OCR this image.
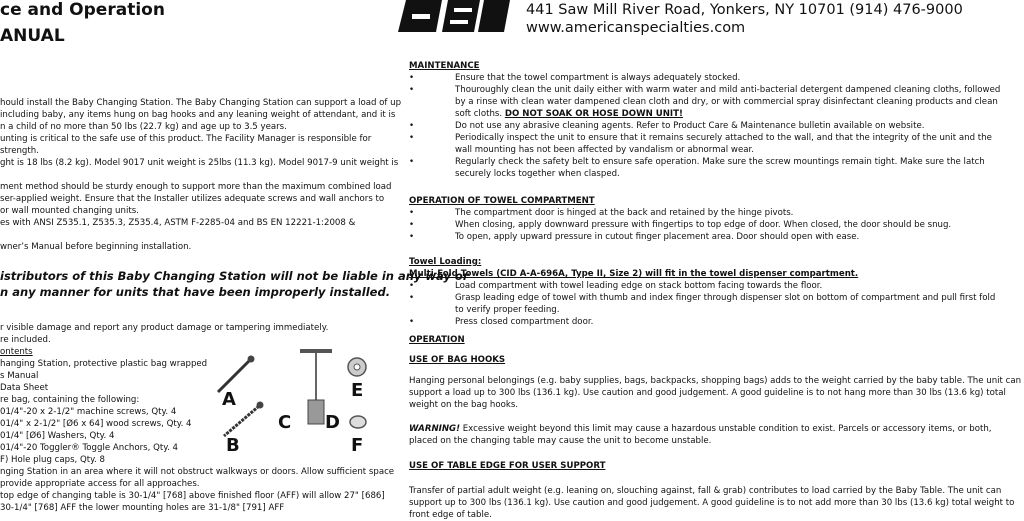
ce and Operation
ANUAL
hould install the Baby Changing Station. The Baby Changing Station can support a load of up
including baby, any items hung on bag hooks and any leaning weight of attendant, and it is
n a child of no more than 50 lbs (22.7 kg) and age up to 3.5 years.
unting is critical to the safe use of this product. The Facility Manager is responsible for
strength.
ght is 18 lbs (8.2 kg). Model 9017 unit weight is 25lbs (11.3 kg). Model 9017-9 unit weight is
ment method should be sturdy enough to support more than the maximum combined load
ser-applied weight. Ensure that the Installer utilizes adequate screws and wall anchors to
or wall mounted changing units.
es with ANSI Z535.1, Z535.3, Z535.4, ASTM F-2285-04 and BS EN 12221-1:2008 &
wner’s Manual before beginning installation.
istributors of this Baby Changing Station will not be liable in any way or
n any manner for units that have been improperly installed.
r visible damage and report any product damage or tampering immediately.
re included.
ontents
hanging Station, protective plastic bag wrapped
s Manual
Data Sheet
re bag, containing the following:
01/4"-20 x 2-1/2" machine screws, Qty. 4
01/4" x 2-1/2" [Ø6 x 64] wood screws, Qty. 4
01/4" [Ø6] Washers, Qty. 4
01/4"-20 Toggler® Toggle Anchors, Qty. 4
F) Hole plug caps, Qty. 8
nging Station in an area where it will not obstruct walkways or doors. Allow sufficient space
provide appropriate access for all approaches.
top edge of changing table is 30-1/4" [768] above finished floor (AFF) will allow 27" [686]
30-1/4" [768] AFF the lower mounting holes are 31-1/8" [791] AFF
A
B
C D
E
F
441 Saw Mill River Road, Yonkers, NY 10701 (914) 476-9000
www.americanspecialties.com
MAINTENANCE
•	Ensure that the towel compartment is always adequately stocked.
•	Thouroughly clean the unit daily either with warm water and mild anti-bacterial detergent dampened cleaning cloths, followed
by a rinse with clean water dampened clean cloth and dry, or with commercial spray disinfectant cleaning products and clean
soft cloths. DO NOT SOAK OR HOSE DOWN UNIT!
•	Do not use any abrasive cleaning agents. Refer to Product Care & Maintenance bulletin available on website.
•	Periodically inspect the unit to ensure that it remains securely attached to the wall, and that the integrity of the unit and the
wall mounting has not been affected by vandalism or abnormal wear.
•	Regularly check the safety belt to ensure safe operation. Make sure the screw mountings remain tight. Make sure the latch
securely locks together when clasped.
OPERATION OF TOWEL COMPARTMENT
•	The compartment door is hinged at the back and retained by the hinge pivots.
•	When closing, apply downward pressure with fingertips to top edge of door. When closed, the door should be snug.
•	To open, apply upward pressure in cutout finger placement area. Door should open with ease.
Towel Loading:
Multi-Fold Towels (CID A-A-696A, Type II, Size 2) will fit in the towel dispenser compartment.
•	Load compartment with towel leading edge on stack bottom facing towards the floor.
•	Grasp leading edge of towel with thumb and index finger through dispenser slot on bottom of compartment and pull first fold
to verify proper feeding.
•	Press closed compartment door.
OPERATION
USE OF BAG HOOKS
Hanging personal belongings (e.g. baby supplies, bags, backpacks, shopping bags) adds to the weight carried by the baby table. The unit can
support a load up to 300 lbs (136.1 kg). Use caution and good judgement. A good guideline is to not hang more than 30 lbs (13.6 kg) total
weight on the bag hooks.
WARNING! Excessive weight beyond this limit may cause a hazardous unstable condition to exist. Parcels or accessory items, or both,
placed on the changing table may cause the unit to become unstable.
USE OF TABLE EDGE FOR USER SUPPORT
Transfer of partial adult weight (e.g. leaning on, slouching against, fall & grab) contributes to load carried by the Baby Table. The unit can
support up to 300 lbs (136.1 kg). Use caution and good judgement. A good guideline is to not add more than 30 lbs (13.6 kg) total weight to
front edge of table.
